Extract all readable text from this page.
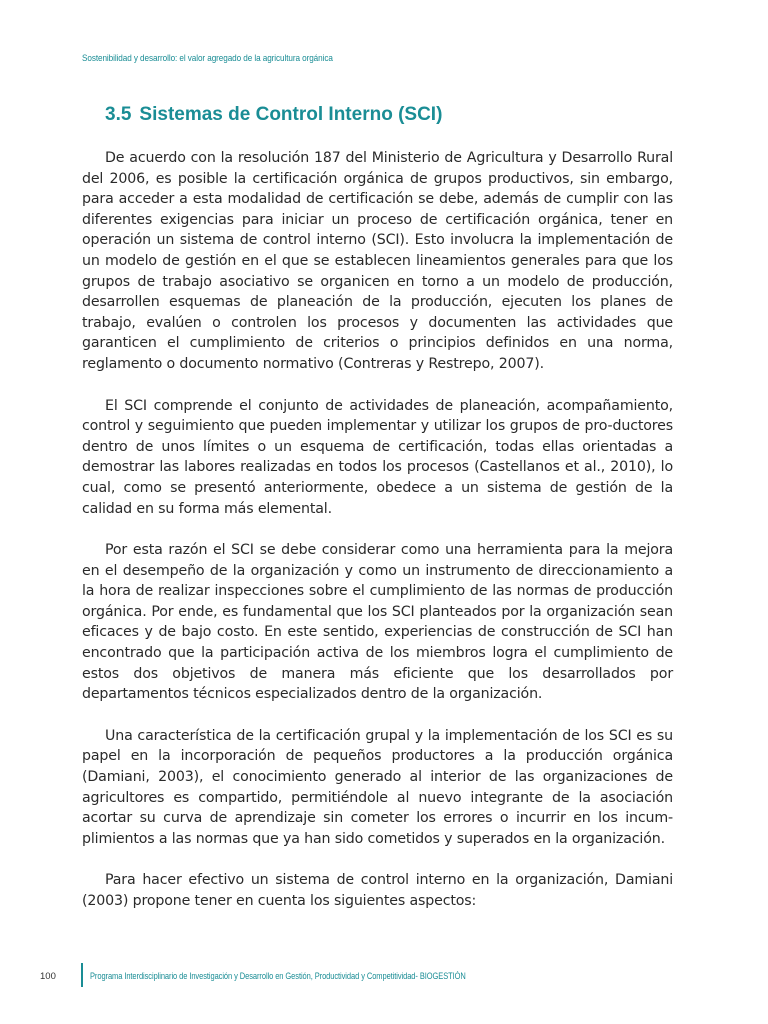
Sostenibilidad y desarrollo: el valor agregado de la agricultura orgánica
3.5 Sistemas de Control Interno (SCI)

De acuerdo con la resolución 187 del Ministerio de Agricultura y Desarrollo Rural del 2006, es posible la certificación orgánica de grupos productivos, sin embargo, para acceder a esta modalidad de certificación se debe, además de cumplir con las diferentes exigencias para iniciar un proceso de certificación orgánica, tener en operación un sistema de control interno (SCI). Esto involucra la implementación de un modelo de gestión en el que se establecen lineamientos generales para que los grupos de trabajo asociativo se organicen en torno a un modelo de producción, desarrollen esquemas de planeación de la producción, ejecuten los planes de trabajo, evalúen o controlen los procesos y documenten las actividades que garanticen el cumplimiento de criterios o principios definidos en una norma, reglamento o documento normativo (Contreras y Restrepo, 2007).

El SCI comprende el conjunto de actividades de planeación, acompañamiento, control y seguimiento que pueden implementar y utilizar los grupos de pro-ductores dentro de unos límites o un esquema de certificación, todas ellas orientadas a demostrar las labores realizadas en todos los procesos (Castellanos et al., 2010), lo cual, como se presentó anteriormente, obedece a un sistema de gestión de la calidad en su forma más elemental.

Por esta razón el SCI se debe considerar como una herramienta para la mejora en el desempeño de la organización y como un instrumento de direccionamiento a la hora de realizar inspecciones sobre el cumplimiento de las normas de producción orgánica. Por ende, es fundamental que los SCI planteados por la organización sean eficaces y de bajo costo. En este sentido, experiencias de construcción de SCI han encontrado que la participación activa de los miembros logra el cumplimiento de estos dos objetivos de manera más eficiente que los desarrollados por departamentos técnicos especializados dentro de la organización.

Una característica de la certificación grupal y la implementación de los SCI es su papel en la incorporación de pequeños productores a la producción orgánica (Damiani, 2003), el conocimiento generado al interior de las organizaciones de agricultores es compartido, permitiéndole al nuevo integrante de la asociación acortar su curva de aprendizaje sin cometer los errores o incurrir en los incum-plimientos a las normas que ya han sido cometidos y superados en la organización.

Para hacer efectivo un sistema de control interno en la organización, Damiani (2003) propone tener en cuenta los siguientes aspectos:

100	Programa Interdisciplinario de Investigación y Desarrollo en Gestión, Productividad y Competitividad- BIOGESTIÓN
